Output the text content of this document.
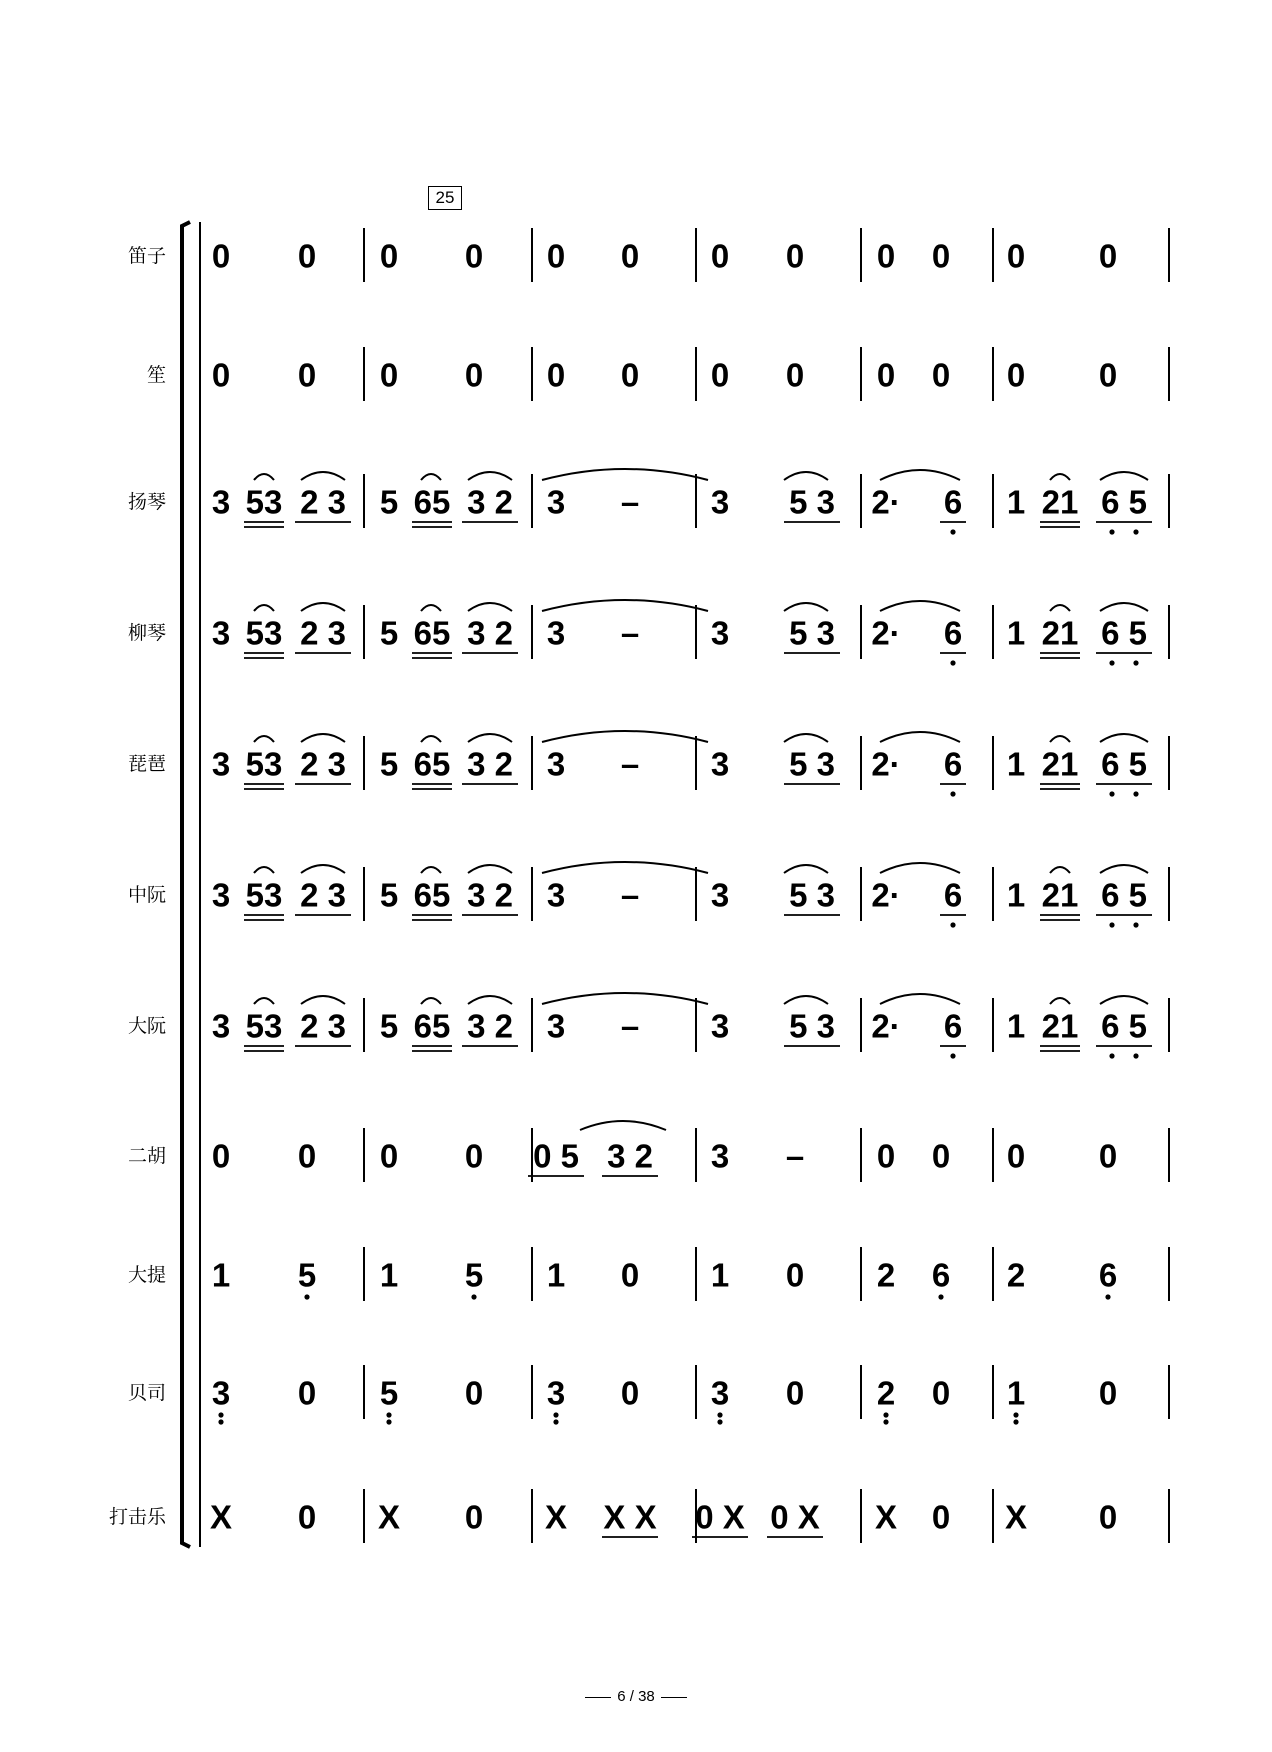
25
笛子
笙
扬琴
柳琴
琵琶
中阮
大阮
二胡
大提
贝司
打击乐
0 0 0 0 0 0 0 0 0 0 0 0
0 0 0 0 0 0 0 0 0 0 0 0
3 53 2 3 5 65 3 2 3 – 3 5 3 2· 6 1 21 6 5
3 53 2 3 5 65 3 2 3 – 3 5 3 2· 6 1 21 6 5
3 53 2 3 5 65 3 2 3 – 3 5 3 2· 6 1 21 6 5
3 53 2 3 5 65 3 2 3 – 3 5 3 2· 6 1 21 6 5
3 53 2 3 5 65 3 2 3 – 3 5 3 2· 6 1 21 6 5
0 0 0 0 0 5 3 2 3 – 0 0 0 0
1 5 1 5 1 0 1 0 2 6 2 6
3 0 5 0 3 0 3 0 2 0 1 0
X 0 X 0 X X X 0 X 0 X X 0 X 0
6 / 38
